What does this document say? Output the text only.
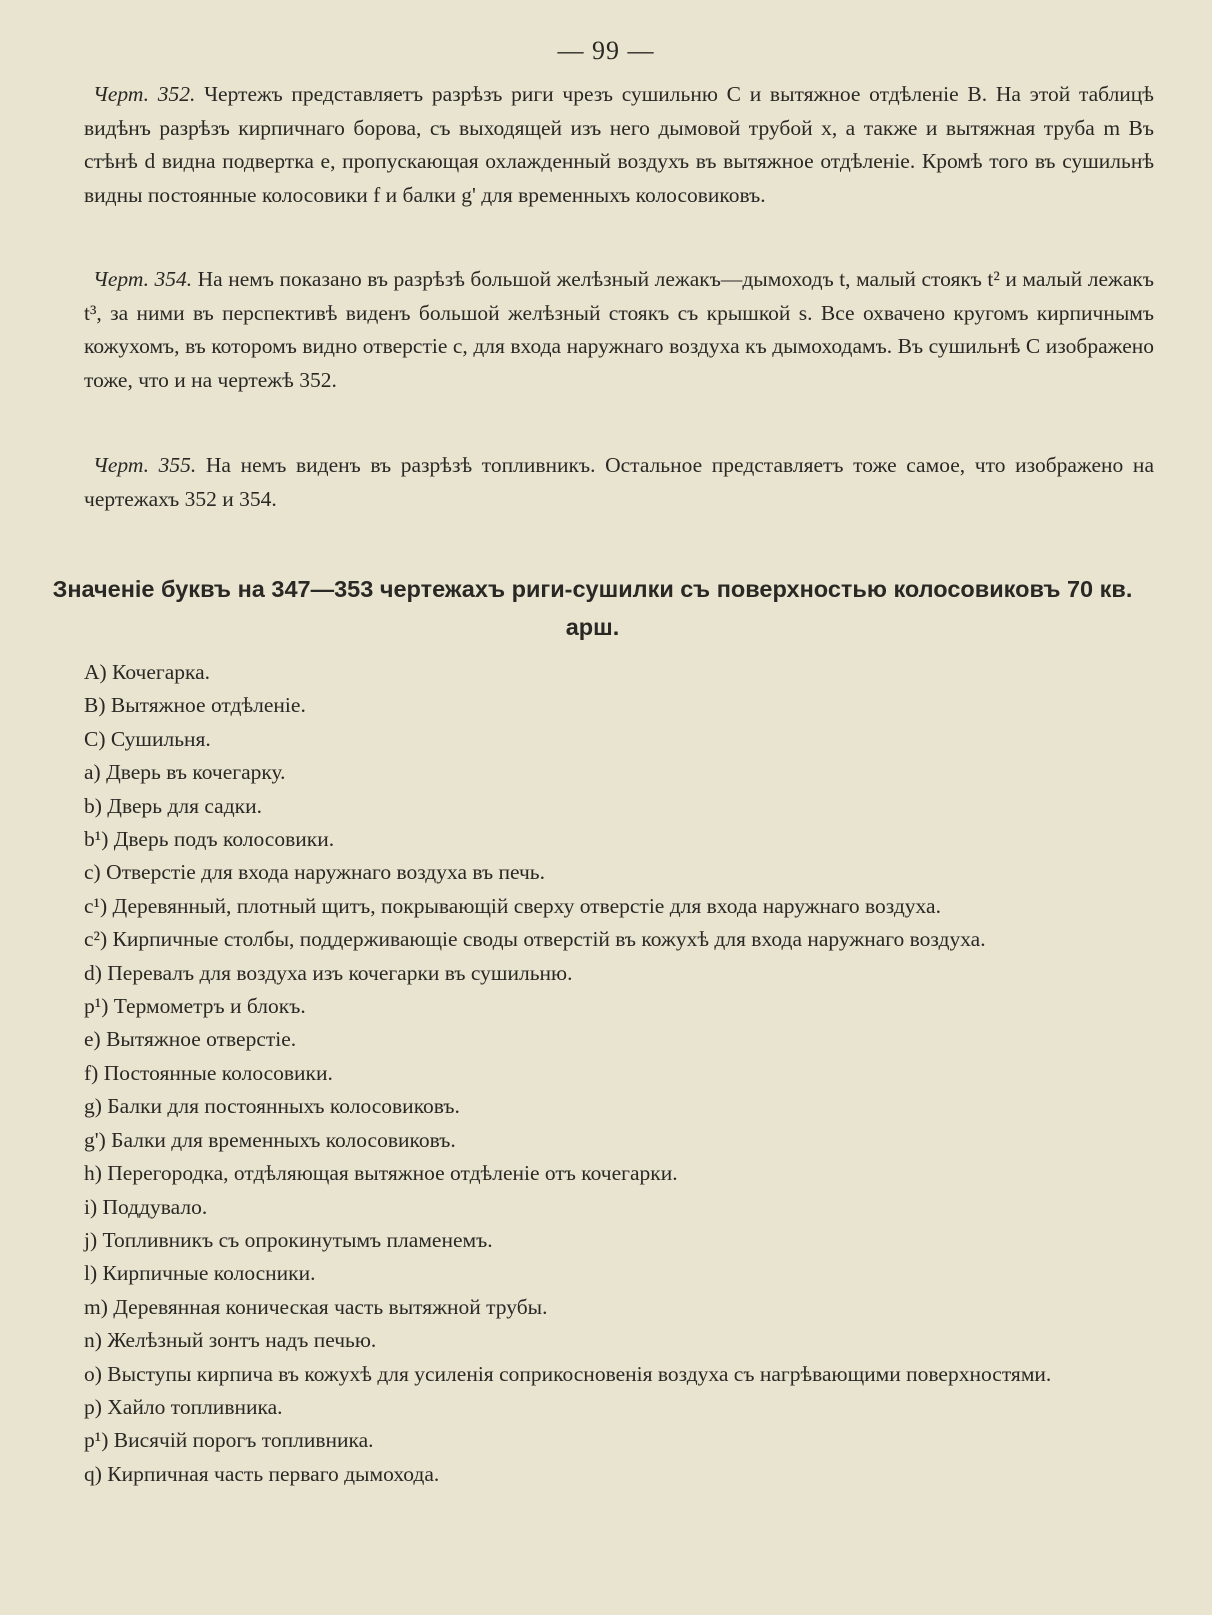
— 99 —

Черт. 352. Чертежъ представляетъ разрѣзъ риги чрезъ сушильню C и вытяжное отдѣленіе B. На этой таблицѣ видѣнъ разрѣзъ кирпичнаго борова, съ выходящей изъ него дымовой трубой x, а также и вытяжная труба m Въ стѣнѣ d видна подвертка e, пропускающая охлажденный воздухъ въ вытяжное отдѣленіе. Кромѣ того въ сушильнѣ видны постоянные колосовики f и балки g' для временныхъ колосовиковъ.

Черт. 354. На немъ показано въ разрѣзѣ большой желѣзный лежакъ—дымоходъ t, малый стоякъ t² и малый лежакъ t³, за ними въ перспективѣ виденъ большой желѣзный стоякъ съ крышкой s. Все охвачено кругомъ кирпичнымъ кожухомъ, въ которомъ видно отверстіе c, для входа наружнаго воздуха къ дымоходамъ. Въ сушильнѣ C изображено тоже, что и на чертежѣ 352.

Черт. 355. На немъ виденъ въ разрѣзѣ топливникъ. Остальное представляетъ тоже самое, что изображено на чертежахъ 352 и 354.

Значеніе буквъ на 347—353 чертежахъ риги-сушилки съ поверхностью колосовиковъ 70 кв. арш.
A) Кочегарка.
B) Вытяжное отдѣленіе.
C) Сушильня.
a) Дверь въ кочегарку.
b) Дверь для садки.
b¹) Дверь подъ колосовики.
c) Отверстіе для входа наружнаго воздуха въ печь.
c¹) Деревянный, плотный щитъ, покрывающій сверху отверстіе для входа наружнаго воздуха.
c²) Кирпичные столбы, поддерживающіе своды отверстій въ кожухѣ для входа наружнаго воздуха.
d) Перевалъ для воздуха изъ кочегарки въ сушильню.
p¹) Термометръ и блокъ.
e) Вытяжное отверстіе.
f) Постоянные колосовики.
g) Балки для постоянныхъ колосовиковъ.
g') Балки для временныхъ колосовиковъ.
h) Перегородка, отдѣляющая вытяжное отдѣленіе отъ кочегарки.
i) Поддувало.
j) Топливникъ съ опрокинутымъ пламенемъ.
l) Кирпичные колосники.
m) Деревянная коническая часть вытяжной трубы.
n) Желѣзный зонтъ надъ печью.
o) Выступы кирпича въ кожухѣ для усиленія соприкосновенія воздуха съ нагрѣвающими поверхностями.
p) Хайло топливника.
p¹) Висячій порогъ топливника.
q) Кирпичная часть перваго дымохода.
